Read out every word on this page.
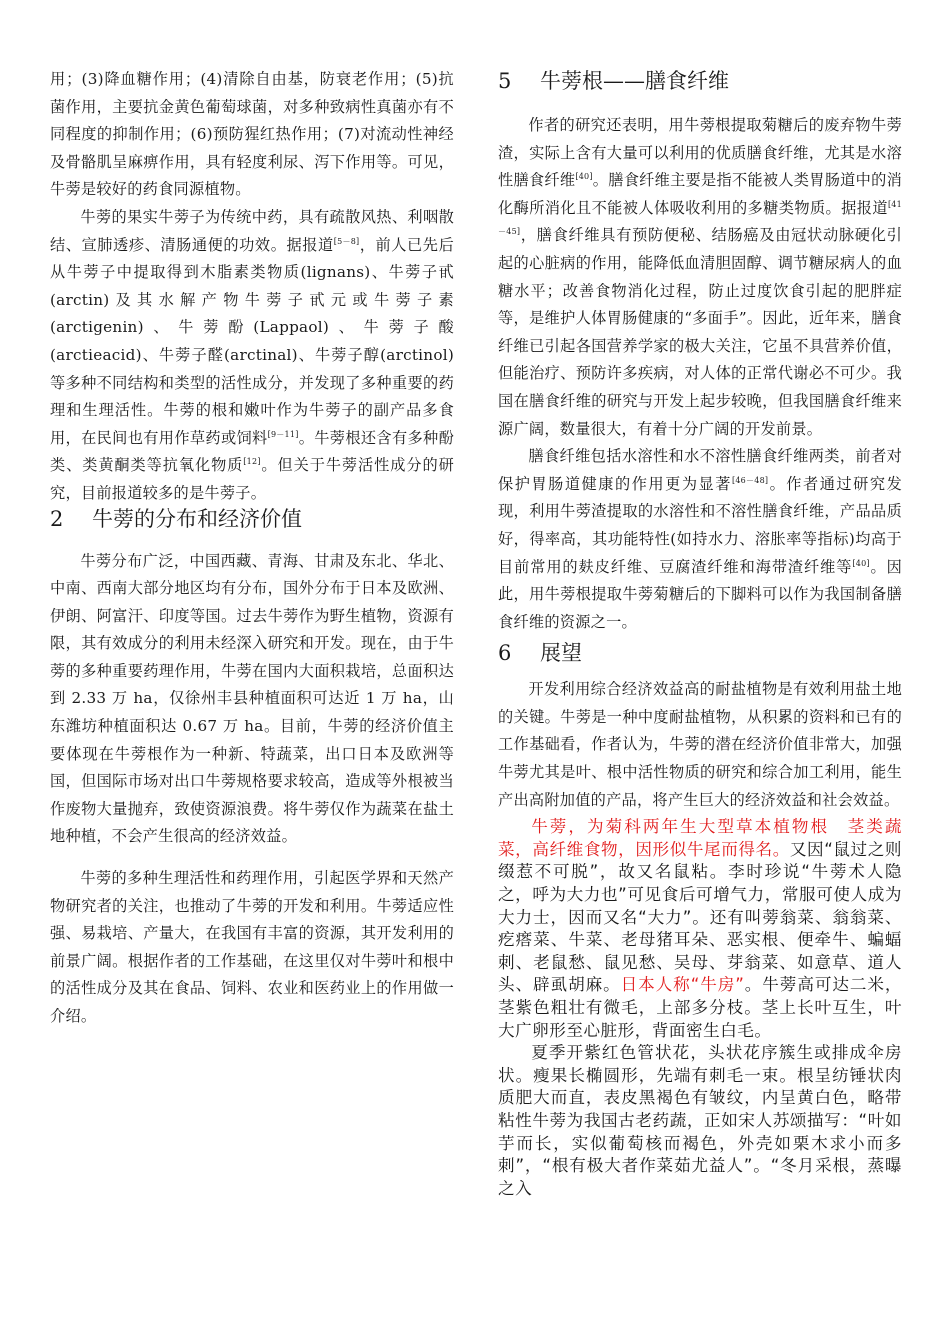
用；(3)降血糖作用；(4)清除自由基，防衰老作用；(5)抗菌作用，主要抗金黄色葡萄球菌，对多种致病性真菌亦有不同程度的抑制作用；(6)预防猩红热作用；(7)对流动性神经及骨骼肌呈麻痹作用，具有轻度利尿、泻下作用等。可见，牛蒡是较好的药食同源植物。

牛蒡的果实牛蒡子为传统中药，具有疏散风热、利咽散结、宣肺透疹、清肠通便的功效。据报道[5－8]，前人已先后从牛蒡子中提取得到木脂素类物质(lignans)、牛蒡子甙(arctin)及其水解产物牛蒡子甙元或牛蒡子素(arctigenin)、牛蒡酚(Lappaol)、牛蒡子酸(arctieacid)、牛蒡子醛(arctinal)、牛蒡子醇(arctinol)等多种不同结构和类型的活性成分，并发现了多种重要的药理和生理活性。牛蒡的根和嫩叶作为牛蒡子的副产品多食用，在民间也有用作草药或饲料[9－11]。牛蒡根还含有多种酚类、类黄酮类等抗氧化物质[12]。但关于牛蒡活性成分的研究，目前报道较多的是牛蒡子。

2	牛蒡的分布和经济价值

牛蒡分布广泛，中国西藏、青海、甘肃及东北、华北、中南、西南大部分地区均有分布，国外分布于日本及欧洲、伊朗、阿富汗、印度等国。过去牛蒡作为野生植物，资源有限，其有效成分的利用未经深入研究和开发。现在，由于牛蒡的多种重要药理作用，牛蒡在国内大面积栽培，总面积达到 2.33 万 ha，仅徐州丰县种植面积可达近 1 万 ha，山东潍坊种植面积达 0.67 万 ha。目前，牛蒡的经济价值主要体现在牛蒡根作为一种新、特蔬菜，出口日本及欧洲等国，但国际市场对出口牛蒡规格要求较高，造成等外根被当作废物大量抛弃，致使资源浪费。将牛蒡仅作为蔬菜在盐土地种植，不会产生很高的经济效益。

牛蒡的多种生理活性和药理作用，引起医学界和天然产物研究者的关注，也推动了牛蒡的开发和利用。牛蒡适应性强、易栽培、产量大，在我国有丰富的资源，其开发利用的前景广阔。根据作者的工作基础，在这里仅对牛蒡叶和根中的活性成分及其在食品、饲料、农业和医药业上的作用做一介绍。

5	牛蒡根——膳食纤维

作者的研究还表明，用牛蒡根提取菊糖后的废弃物牛蒡渣，实际上含有大量可以利用的优质膳食纤维，尤其是水溶性膳食纤维[40]。膳食纤维主要是指不能被人类胃肠道中的消化酶所消化且不能被人体吸收利用的多糖类物质。据报道[41－45]，膳食纤维具有预防便秘、结肠癌及由冠状动脉硬化引起的心脏病的作用，能降低血清胆固醇、调节糖尿病人的血糖水平；改善食物消化过程，防止过度饮食引起的肥胖症等，是维护人体胃肠健康的“多面手”。因此，近年来，膳食纤维已引起各国营养学家的极大关注，它虽不具营养价值，但能治疗、预防许多疾病，对人体的正常代谢必不可少。我国在膳食纤维的研究与开发上起步较晚，但我国膳食纤维来源广阔，数量很大，有着十分广阔的开发前景。

膳食纤维包括水溶性和水不溶性膳食纤维两类，前者对保护胃肠道健康的作用更为显著[46－48]。作者通过研究发现，利用牛蒡渣提取的水溶性和不溶性膳食纤维，产品品质好，得率高，其功能特性(如持水力、溶胀率等指标)均高于目前常用的麸皮纤维、豆腐渣纤维和海带渣纤维等[40]。因此，用牛蒡根提取牛蒡菊糖后的下脚料可以作为我国制备膳食纤维的资源之一。

6	展望

开发利用综合经济效益高的耐盐植物是有效利用盐土地的关键。牛蒡是一种中度耐盐植物，从积累的资料和已有的工作基础看，作者认为，牛蒡的潜在经济价值非常大，加强牛蒡尤其是叶、根中活性物质的研究和综合加工利用，能生产出高附加值的产品，将产生巨大的经济效益和社会效益。

牛蒡，为菊科两年生大型草本植物根　茎类蔬菜，高纤维食物，因形似牛尾而得名。又因“鼠过之则缀惹不可脱”，故又名鼠粘。李时珍说“牛蒡术人隐之，呼为大力也”可见食后可增气力，常服可使人成为大力士，因而又名“大力”。还有叫蒡翁菜、翁翁菜、疙瘩菜、牛菜、老母猪耳朵、恶实根、便牵牛、蝙蝠刺、老鼠愁、鼠见愁、吴母、芽翁菜、如意草、道人头、辟虱胡麻。日本人称“牛房”。牛蒡高可达二米，茎紫色粗壮有微毛，上部多分枝。茎上长叶互生，叶大广卵形至心脏形，背面密生白毛。

夏季开紫红色管状花，头状花序簇生或排成伞房状。瘦果长椭圆形，先端有刺毛一束。根呈纺锤状肉质肥大而直，表皮黑褐色有皱纹，内呈黄白色，略带粘性牛蒡为我国古老药蔬，正如宋人苏颂描写：“叶如芋而长，实似葡萄核而褐色，外壳如栗木求小而多刺”，“根有极大者作菜茹尤益人”。“冬月采根，蒸曝之入
